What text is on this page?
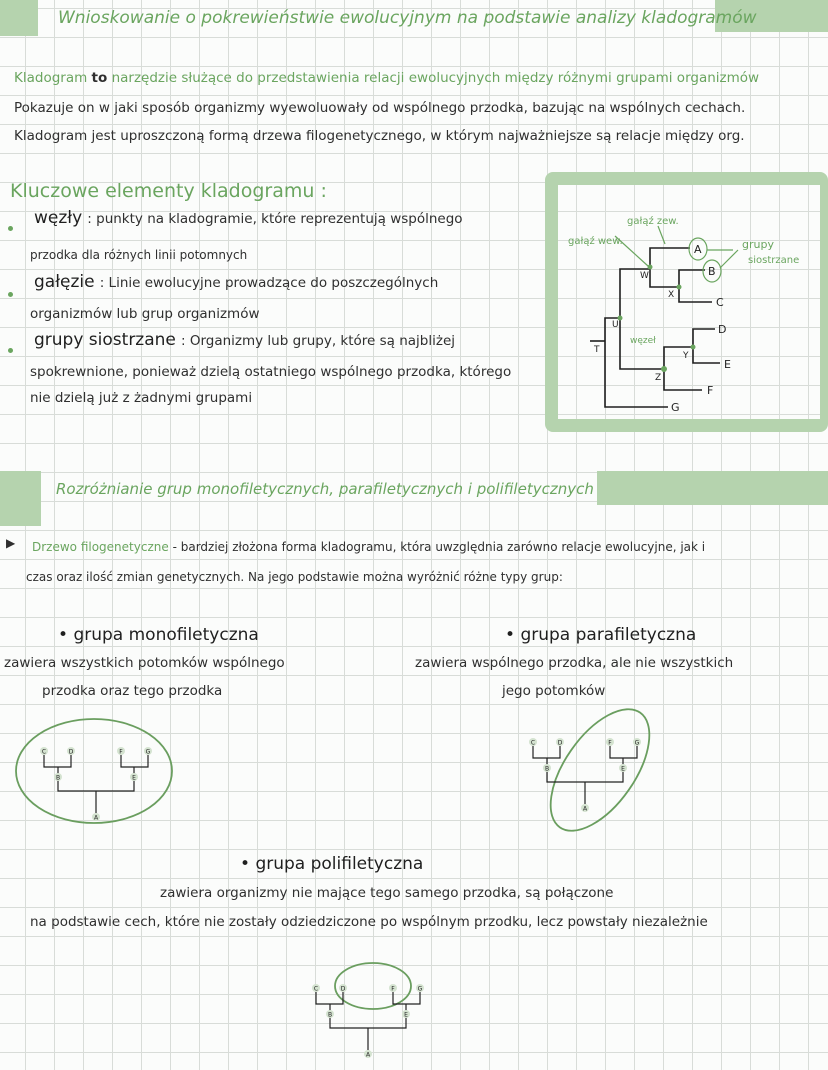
Wnioskowanie o pokrewieństwie ewolucyjnym na podstawie analizy kladogramów
Kladogram to narzędzie służące do przedstawienia relacji ewolucyjnych między różnymi grupami organizmów
Pokazuje on w jaki sposób organizmy wyewoluowały od wspólnego przodka, bazując na wspólnych cechach.
Kladogram jest uproszczoną formą drzewa filogenetycznego, w którym najważniejsze są relacje między org.
Kluczowe elementy kladogramu :
węzły : punkty na kladogramie, które reprezentują wspólnego
przodka dla różnych linii potomnych
gałęzie : Linie ewolucyjne prowadzące do poszczególnych
organizmów lub grup organizmów
grupy siostrzane : Organizmy lub grupy, które są najbliżej
spokrewnione, ponieważ dzielą ostatniego wspólnego przodka, którego
nie dzielą już z żadnymi grupami
A
B
C
D
E
F
G
W
X
U
Y
Z
T
gałąź zew.
gałąź wew.	grupy
siostrzane
węzeł
C	D	F	G
B	E
A
C	D	F	G
B	E
A
C	D	F	G
B	E
A
Rozróżnianie grup monofiletycznych, parafiletycznych i polifiletycznych
▶ Drzewo filogenetyczne - bardziej złożona forma kladogramu, która uwzględnia zarówno relacje ewolucyjne, jak i
czas oraz ilość zmian genetycznych. Na jego podstawie można wyróżnić różne typy grup:
• grupa monofiletyczna
zawiera wszystkich potomków wspólnego
przodka oraz tego przodka
• grupa parafiletyczna
zawiera wspólnego przodka, ale nie wszystkich
jego potomków
• grupa polifiletyczna
zawiera organizmy nie mające tego samego przodka, są połączone
na podstawie cech, które nie zostały odziedziczone po wspólnym przodku, lecz powstały niezależnie
